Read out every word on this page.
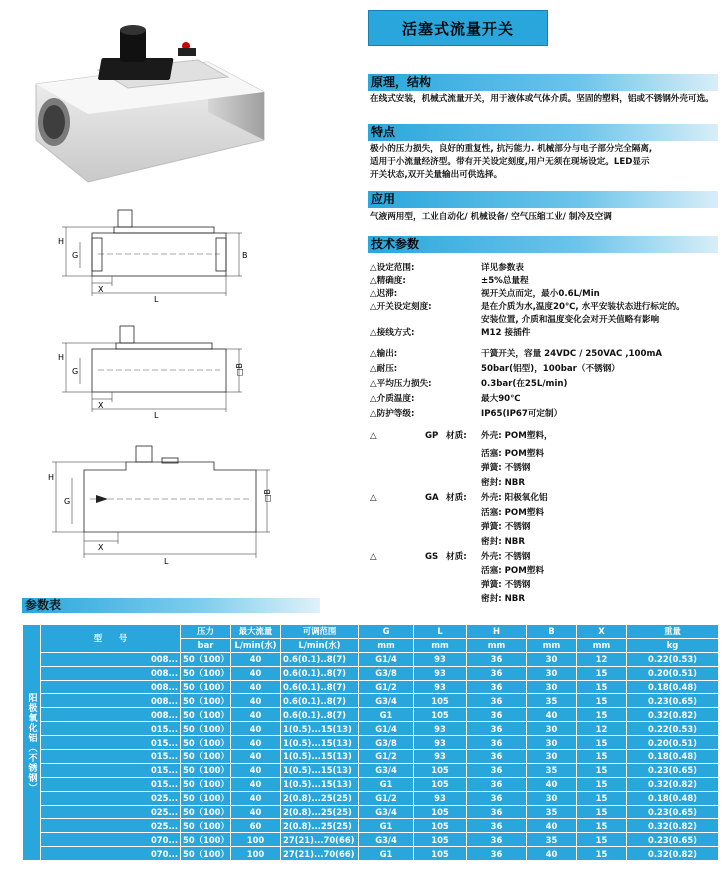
活塞式流量开关
原理，结构
在线式安装，机械式流量开关，用于液体或气体介质。坚固的塑料，铝或不锈钢外壳可选。
特点
极小的压力损失，良好的重复性, 抗污能力. 机械部分与电子部分完全隔离,
适用于小流量经济型。带有开关设定刻度,用户无须在现场设定。LED显示
开关状态,双开关量输出可供选择。
应用
气液两用型，工业自动化/ 机械设备/ 空气压缩工业/ 制冷及空调
技术参数
△设定范围:	详见参数表
△精确度:	±5%总量程
△迟滞:	视开关点而定，最小0.6L/Min
△开关设定刻度:	是在介质为水,温度20℃, 水平安装状态进行标定的。
安装位置, 介质和温度变化会对开关值略有影响
△接线方式:	M12 接插件
△输出:	干簧开关，容量 24VDC / 250VAC ,100mA
△耐压:	50bar(铝型)，100bar（不锈钢）
△平均压力损失:	0.3bar(在25L/min)
△介质温度:	最大90℃
△防护等级:	IP65(IP67可定制）
△	GP 材质: 外壳: POM塑料，
活塞: POM塑料
弹簧: 不锈钢
密封: NBR
△	GA 材质: 外壳: 阳极氧化铝
活塞: POM塑料
弹簧: 不锈钢
密封: NBR
△	GS 材质: 外壳: 不锈钢
活塞: POM塑料
弹簧: 不锈钢
密封: NBR
H
G	B
X
L
H
G	□B
X
L
H
G	□B
X
L
参数表
阳极氧化铝（不锈钢）	型　　号	压力	最大流量	可调范围	G	L	H	B	X	重量
		bar	L/min(水)	L/min(水)	mm	mm	mm	mm	mm	kg
	008...	50（100）	40	0.6(0.1)..8(7)	G1/4	93	36	30	12	0.22(0.53)
	008...	50（100）	40	0.6(0.1)..8(7)	G3/8	93	36	30	15	0.20(0.51)
	008...	50（100）	40	0.6(0.1)..8(7)	G1/2	93	36	30	15	0.18(0.48)
	008...	50（100）	40	0.6(0.1)..8(7)	G3/4	105	36	35	15	0.23(0.65)
	008...	50（100）	40	0.6(0.1)..8(7)	G1	105	36	40	15	0.32(0.82)
	015...	50（100）	40	1(0.5)...15(13)	G1/4	93	36	30	12	0.22(0.53)
	015...	50（100）	40	1(0.5)...15(13)	G3/8	93	36	30	15	0.20(0.51)
	015...	50（100）	40	1(0.5)...15(13)	G1/2	93	36	30	15	0.18(0.48)
	015...	50（100）	40	1(0.5)...15(13)	G3/4	105	36	35	15	0.23(0.65)
	015...	50（100）	40	1(0.5)...15(13)	G1	105	36	40	15	0.32(0.82)
	025...	50（100）	40	2(0.8)...25(25)	G1/2	93	36	30	15	0.18(0.48)
	025...	50（100）	40	2(0.8)...25(25)	G3/4	105	36	35	15	0.23(0.65)
	025...	50（100）	60	2(0.8)...25(25)	G1	105	36	40	15	0.32(0.82)
	070...	50（100）	100	27(21)...70(66)	G3/4	105	36	35	15	0.23(0.65)
	070...	50（100）	100	27(21)...70(66)	G1	105	36	40	15	0.32(0.82)
